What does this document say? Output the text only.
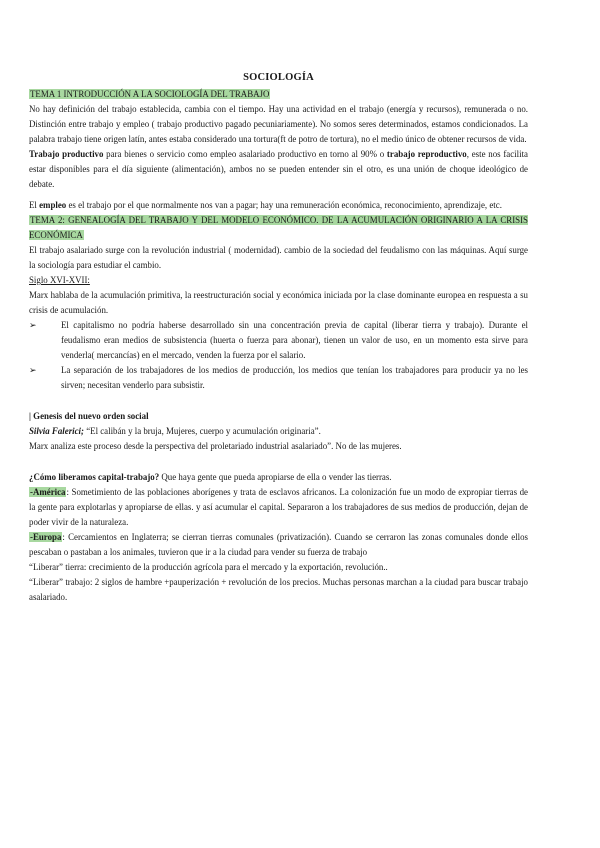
SOCIOLOGÍA

TEMA 1 INTRODUCCIÓN A LA SOCIOLOGÍA DEL TRABAJO

No hay definición del trabajo establecida, cambia con el tiempo. Hay una actividad en el trabajo (energía y recursos), remunerada o no. Distinción entre trabajo y empleo ( trabajo productivo pagado pecuniariamente). No somos seres determinados, estamos condicionados. La palabra trabajo tiene origen latín, antes estaba considerado una tortura(ft de potro de tortura), no el medio único de obtener recursos de vida.

Trabajo productivo para bienes o servicio como empleo asalariado productivo en torno al 90% o trabajo reproductivo, este nos facilita estar disponibles para el día siguiente (alimentación), ambos no se pueden entender sin el otro, es una unión de choque ideológico de debate.

El empleo es el trabajo por el que normalmente nos van a pagar; hay una remuneración económica, reconocimiento, aprendizaje, etc.

TEMA 2: GENEALOGÍA DEL TRABAJO Y DEL MODELO ECONÓMICO. DE LA ACUMULACIÓN ORIGINARIO A LA CRISIS ECONÓMICA

El trabajo asalariado surge con la revolución industrial ( modernidad). cambio de la sociedad del feudalismo con las máquinas. Aquí surge la sociología para estudiar el cambio.

Siglo XVI-XVII:

Marx hablaba de la acumulación primitiva, la reestructuración social y económica iniciada por la clase dominante europea en respuesta a su crisis de acumulación.

➢	El capitalismo no podría haberse desarrollado sin una concentración previa de capital (liberar tierra y trabajo). Durante el feudalismo eran medios de subsistencia (huerta o fuerza para abonar), tienen un valor de uso, en un momento esta sirve para venderla( mercancías) en el mercado, venden la fuerza por el salario.

➢	La separación de los trabajadores de los medios de producción, los medios que tenían los trabajadores para producir ya no les sirven; necesitan venderlo para subsistir.

| Genesis del nuevo orden social

Silvia Falerici; “El calibán y la bruja, Mujeres, cuerpo y acumulación originaria”.

Marx analiza este proceso desde la perspectiva del proletariado industrial asalariado”. No de las mujeres.

¿Cómo liberamos capital-trabajo? Que haya gente que pueda apropiarse de ella o vender las tierras.

-América: Sometimiento de las poblaciones aborígenes y trata de esclavos africanos. La colonización fue un modo de expropiar tierras de la gente para explotarlas y apropiarse de ellas. y así acumular el capital. Separaron a los trabajadores de sus medios de producción, dejan de poder vivir de la naturaleza.

-Europa: Cercamientos en Inglaterra; se cierran tierras comunales (privatización). Cuando se cerraron las zonas comunales donde ellos pescaban o pastaban a los animales, tuvieron que ir a la ciudad para vender su fuerza de trabajo

“Liberar” tierra: crecimiento de la producción agrícola para el mercado y la exportación, revolución..

“Liberar” trabajo: 2 siglos de hambre +pauperización + revolución de los precios. Muchas personas marchan a la ciudad para buscar trabajo asalariado.
